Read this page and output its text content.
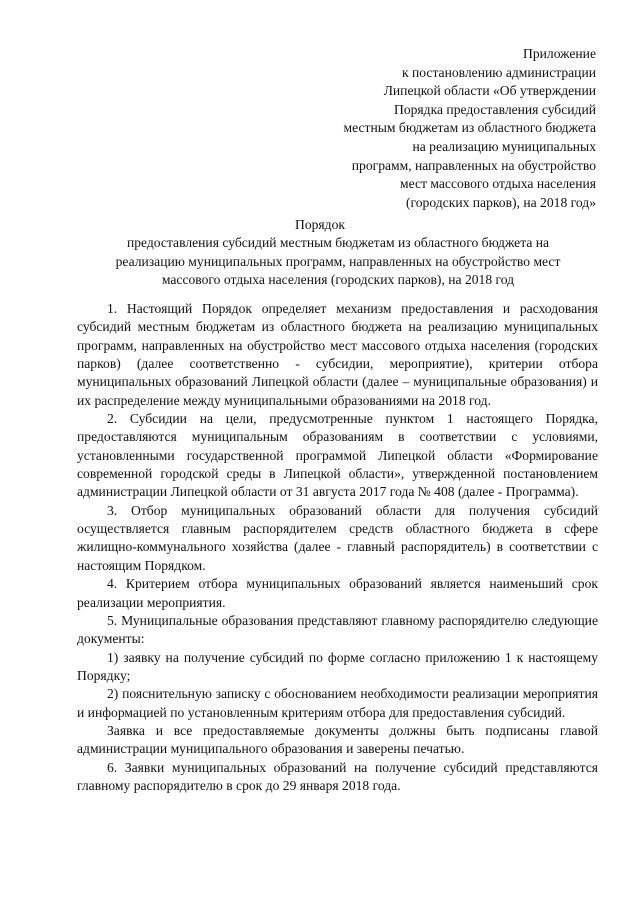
Приложение
к постановлению администрации
Липецкой области «Об утверждении
Порядка предоставления субсидий
местным бюджетам из областного бюджета
на реализацию муниципальных
программ, направленных на обустройство
мест массового отдыха населения
(городских парков), на 2018 год»
Порядок
предоставления субсидий местным бюджетам из областного бюджета на
реализацию муниципальных программ, направленных на обустройство мест
массового отдыха населения (городских парков), на 2018 год

1. Настоящий Порядок определяет механизм предоставления и расходования субсидий местным бюджетам из областного бюджета на реализацию муниципальных программ, направленных на обустройство мест массового отдыха населения (городских парков) (далее соответственно - субсидии, мероприятие), критерии отбора муниципальных образований Липецкой области (далее – муниципальные образования) и их распределение между муниципальными образованиями на 2018 год.

2. Субсидии на цели, предусмотренные пунктом 1 настоящего Порядка, предоставляются муниципальным образованиям в соответствии с условиями, установленными государственной программой Липецкой области «Формирование современной городской среды в Липецкой области», утвержденной постановлением администрации Липецкой области от 31 августа 2017 года № 408 (далее - Программа).

3. Отбор муниципальных образований области для получения субсидий осуществляется главным распорядителем средств областного бюджета в сфере жилищно-коммунального хозяйства (далее - главный распорядитель) в соответствии с настоящим Порядком.

4. Критерием отбора муниципальных образований является наименьший срок реализации мероприятия.

5. Муниципальные образования представляют главному распорядителю следующие документы:

1) заявку на получение субсидий по форме согласно приложению 1 к настоящему Порядку;

2) пояснительную записку с обоснованием необходимости реализации мероприятия и информацией по установленным критериям отбора для предоставления субсидий.

Заявка и все предоставляемые документы должны быть подписаны главой администрации муниципального образования и заверены печатью.

6. Заявки муниципальных образований на получение субсидий представляются главному распорядителю в срок до 29 января 2018 года.
